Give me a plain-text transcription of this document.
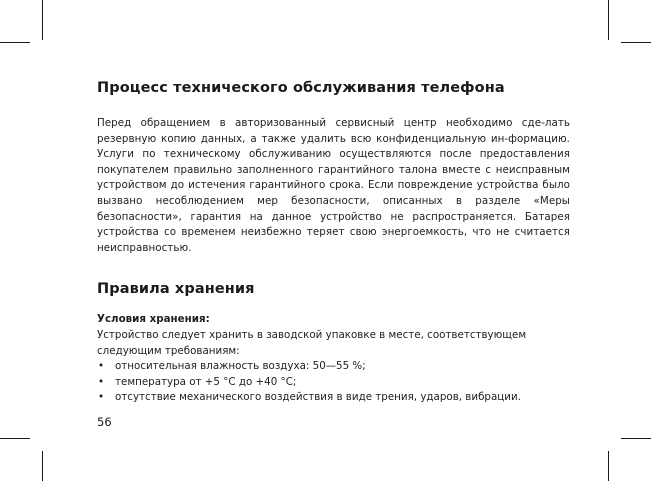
Процесс технического обслуживания телефона

Перед обращением в авторизованный сервисный центр необходимо сде-лать резервную копию данных, а также удалить всю конфиденциальную ин-формацию. Услуги по техническому обслуживанию осуществляются после предоставления покупателем правильно заполненного гарантийного талона вместе с неисправным устройством до истечения гарантийного срока. Если повреждение устройства было вызвано несоблюдением мер безопасности, описанных в разделе «Меры безопасности», гарантия на данное устройство не распространяется. Батарея устройства со временем неизбежно теряет свою энергоемкость, что не считается неисправностью.

Правила хранения

Условия хранения:

Устройство следует хранить в заводской упаковке в месте, соответствующем следующим требованиям:

• относительная влажность воздуха: 50—55 %;
• температура от +5 °C до +40 °C;
• отсутствие механического воздействия в виде трения, ударов, вибрации.
56
